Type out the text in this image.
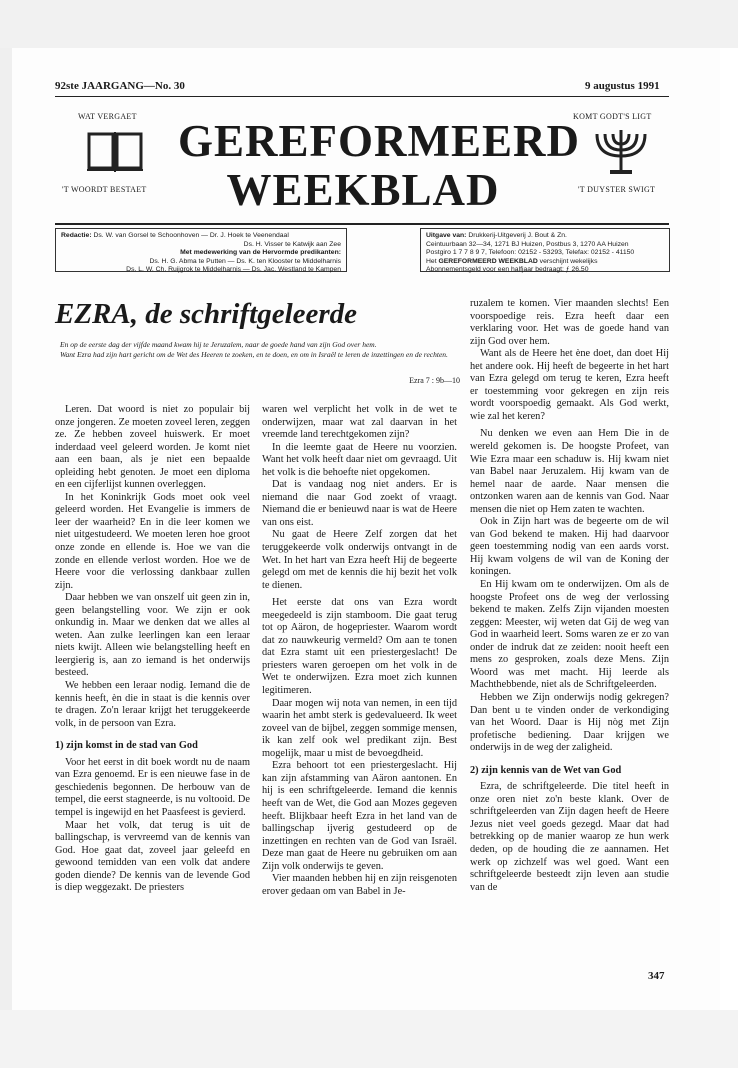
92ste JAARGANG—No. 30	9 augustus 1991
WAT VERGAET
'T WOORDT BESTAET
GEREFORMEERD
WEEKBLAD
KOMT GODT'S LIGT
'T DUYSTER SWIGT
Redactie: Ds. W. van Gorsel te Schoonhoven — Dr. J. Hoek te Veenendaal
Ds. H. Visser te Katwijk aan Zee
Met medewerking van de Hervormde predikanten:
Ds. H. G. Abma te Putten — Ds. K. ten Klooster te Middelharnis
Ds. L. W. Ch. Ruijgrok te Middelharnis — Ds. Jac. Westland te Kampen
Uitgave van: Drukkerij-Uitgeverij J. Bout & Zn.
Ceintuurbaan 32—34, 1271 BJ Huizen, Postbus 3, 1270 AA Huizen
Postgiro 1 7 7 8 9 7, Telefoon: 02152 - 53293, Telefax: 02152 - 41150
Het GEREFORMEERD WEEKBLAD verschijnt wekelijks
Abonnementsgeld voor een halfjaar bedraagt: ƒ 26,50
EZRA, de schriftgeleerde
En op de eerste dag der vijfde maand kwam hij te Jeruzalem, naar de goede hand van zijn God over hem.
Want Ezra had zijn hart gericht om de Wet des Heeren te zoeken, en te doen, en om in Israël te leren de inzettingen en de rechten.
Ezra 7 : 9b—10

Leren. Dat woord is niet zo populair bij onze jongeren. Ze moeten zoveel leren, zeggen ze. Ze hebben zoveel huiswerk. Er moet inderdaad veel geleerd worden. Je komt niet aan een baan, als je niet een bepaalde opleiding hebt genoten. Je moet een diploma en een cijferlijst kunnen overleggen.

In het Koninkrijk Gods moet ook veel geleerd worden. Het Evangelie is immers de leer der waarheid? En in die leer komen we niet uitgestudeerd. We moeten leren hoe groot onze zonde en ellende is. Hoe we van die zonde en ellende verlost worden. Hoe we de Heere voor die verlossing dankbaar zullen zijn.

Daar hebben we van onszelf uit geen zin in, geen belangstelling voor. We zijn er ook onkundig in. Maar we denken dat we alles al weten. Aan zulke leerlingen kan een leraar niets kwijt. Alleen wie belangstelling heeft en leergierig is, aan zo iemand is het onderwijs besteed.

We hebben een leraar nodig. Iemand die de kennis heeft, èn die in staat is die kennis over te dragen. Zo'n leraar krijgt het teruggekeerde volk, in de persoon van Ezra.

1) zijn komst in de stad van God

Voor het eerst in dit boek wordt nu de naam van Ezra genoemd. Er is een nieuwe fase in de geschiedenis begonnen. De herbouw van de tempel, die eerst stagneerde, is nu voltooid. De tempel is ingewijd en het Paasfeest is gevierd.

Maar het volk, dat terug is uit de ballingschap, is vervreemd van de kennis van God. Hoe gaat dat, zoveel jaar geleefd en gewoond temidden van een volk dat andere goden diende? De kennis van de levende God is diep weggezakt. De priesters

waren wel verplicht het volk in de wet te onderwijzen, maar wat zal daarvan in het vreemde land terechtgekomen zijn?

In die leemte gaat de Heere nu voorzien. Want het volk heeft daar niet om gevraagd. Uit het volk is die behoefte niet opgekomen.

Dat is vandaag nog niet anders. Er is niemand die naar God zoekt of vraagt. Niemand die er benieuwd naar is wat de Heere van ons eist.

Nu gaat de Heere Zelf zorgen dat het teruggekeerde volk onderwijs ontvangt in de Wet. In het hart van Ezra heeft Hij de begeerte gelegd om met de kennis die hij bezit het volk te dienen.

Het eerste dat ons van Ezra wordt meegedeeld is zijn stamboom. Die gaat terug tot op Aäron, de hogepriester. Waarom wordt dat zo nauwkeurig vermeld? Om aan te tonen dat Ezra stamt uit een priestergeslacht! De priesters waren geroepen om het volk in de Wet te onderwijzen. Ezra moet zich kunnen legitimeren.

Daar mogen wij nota van nemen, in een tijd waarin het ambt sterk is gedevalueerd. Ik weet zoveel van de bijbel, zeggen sommige mensen, ik kan zelf ook wel predikant zijn. Best mogelijk, maar u mist de bevoegdheid.

Ezra behoort tot een priestergeslacht. Hij kan zijn afstamming van Aäron aantonen. En hij is een schriftgeleerde. Iemand die kennis heeft van de Wet, die God aan Mozes gegeven heeft. Blijkbaar heeft Ezra in het land van de ballingschap ijverig gestudeerd op de inzettingen en rechten van de God van Israël. Deze man gaat de Heere nu gebruiken om aan Zijn volk onderwijs te geven.

Vier maanden hebben hij en zijn reisgenoten erover gedaan om van Babel in Je-

ruzalem te komen. Vier maanden slechts! Een voorspoedige reis. Ezra heeft daar een verklaring voor. Het was de goede hand van zijn God over hem.

Want als de Heere het ène doet, dan doet Hij het andere ook. Hij heeft de begeerte in het hart van Ezra gelegd om terug te keren, Ezra heeft er toestemming voor gekregen en zijn reis wordt voorspoedig gemaakt. Als God werkt, wie zal het keren?

Nu denken we even aan Hem Die in de wereld gekomen is. De hoogste Profeet, van Wie Ezra maar een schaduw is. Hij kwam niet van Babel naar Jeruzalem. Hij kwam van de hemel naar de aarde. Naar mensen die ontzonken waren aan de kennis van God. Naar mensen die niet op Hem zaten te wachten.

Ook in Zijn hart was de begeerte om de wil van God bekend te maken. Hij had daarvoor geen toestemming nodig van een aards vorst. Hij kwam volgens de wil van de Koning der koningen.

En Hij kwam om te onderwijzen. Om als de hoogste Profeet ons de weg der verlossing bekend te maken. Zelfs Zijn vijanden moesten zeggen: Meester, wij weten dat Gij de weg van God in waarheid leert. Soms waren ze er zo van onder de indruk dat ze zeiden: nooit heeft een mens zo gesproken, zoals deze Mens. Zijn Woord was met macht. Hij leerde als Machthebbende, niet als de Schriftgeleerden.

Hebben we Zijn onderwijs nodig gekregen? Dan bent u te vinden onder de verkondiging van het Woord. Daar is Hij nòg met Zijn profetische bediening. Daar krijgen we onderwijs in de weg der zaligheid.

2) zijn kennis van de Wet van God

Ezra, de schriftgeleerde. Die titel heeft in onze oren niet zo'n beste klank. Over de schriftgeleerden van Zijn dagen heeft de Heere Jezus niet veel goeds gezegd. Maar dat had betrekking op de manier waarop ze hun werk deden, op de houding die ze aannamen. Het werk op zichzelf was wel goed. Want een schriftgeleerde besteedt zijn leven aan studie van de

347
